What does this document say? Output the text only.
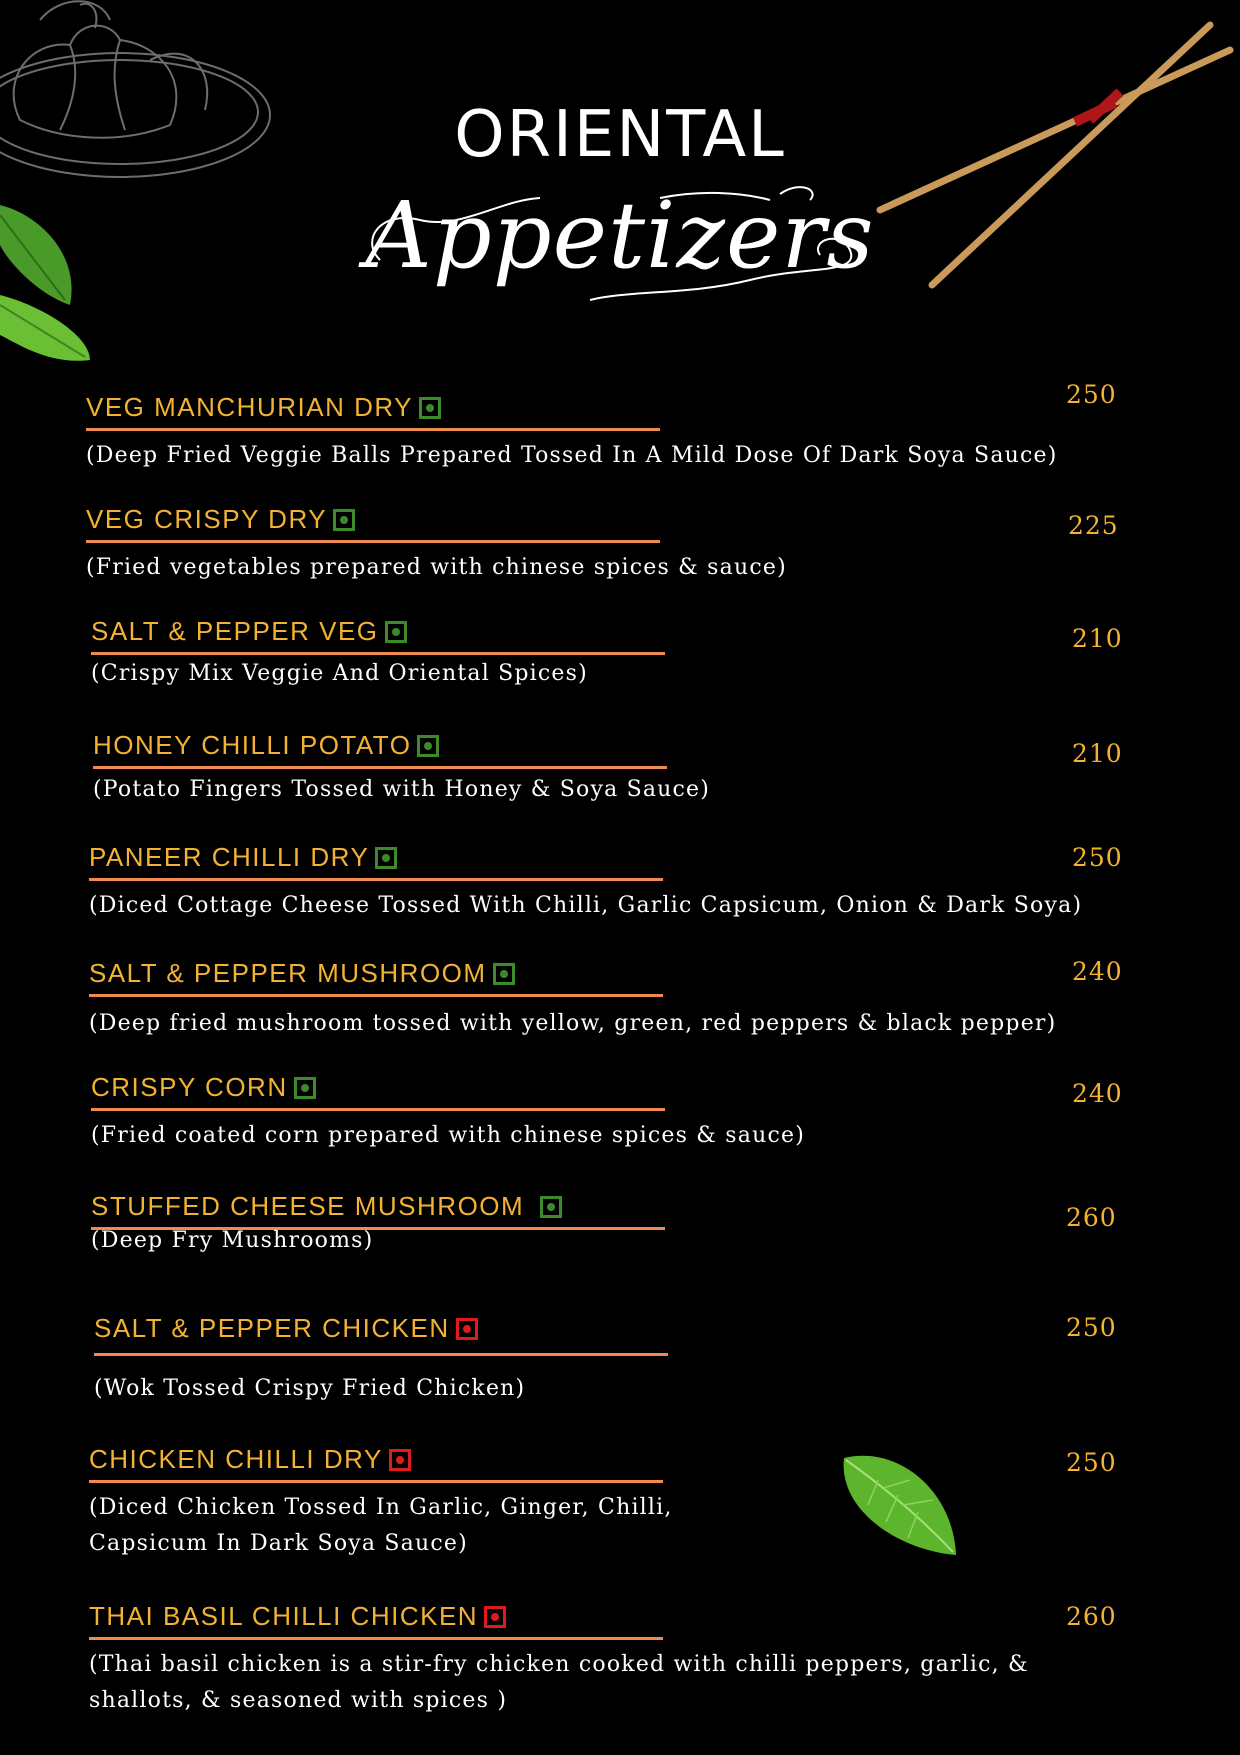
ORIENTAL
Appetizers
VEG MANCHURIAN DRY
(Deep Fried Veggie Balls Prepared Tossed In A Mild Dose Of Dark Soya Sauce)
250
VEG CRISPY DRY
(Fried vegetables prepared with chinese spices & sauce)
225
SALT & PEPPER VEG
(Crispy Mix Veggie And Oriental Spices)
210
HONEY CHILLI POTATO
(Potato Fingers Tossed with Honey & Soya Sauce)
210
PANEER CHILLI DRY
(Diced Cottage Cheese Tossed With Chilli, Garlic Capsicum, Onion & Dark Soya)
250
SALT & PEPPER MUSHROOM
(Deep fried mushroom tossed with yellow, green, red peppers & black pepper)
240
CRISPY CORN
(Fried coated corn prepared with chinese spices & sauce)
240
STUFFED CHEESE MUSHROOM
(Deep Fry Mushrooms)
260
SALT & PEPPER CHICKEN
(Wok Tossed Crispy Fried Chicken)
250
CHICKEN CHILLI DRY
(Diced Chicken Tossed In Garlic, Ginger, Chilli, Capsicum In Dark Soya Sauce)
250
THAI BASIL CHILLI CHICKEN
(Thai basil chicken is a stir-fry chicken cooked with chilli peppers, garlic, & shallots, & seasoned with spices )
260
